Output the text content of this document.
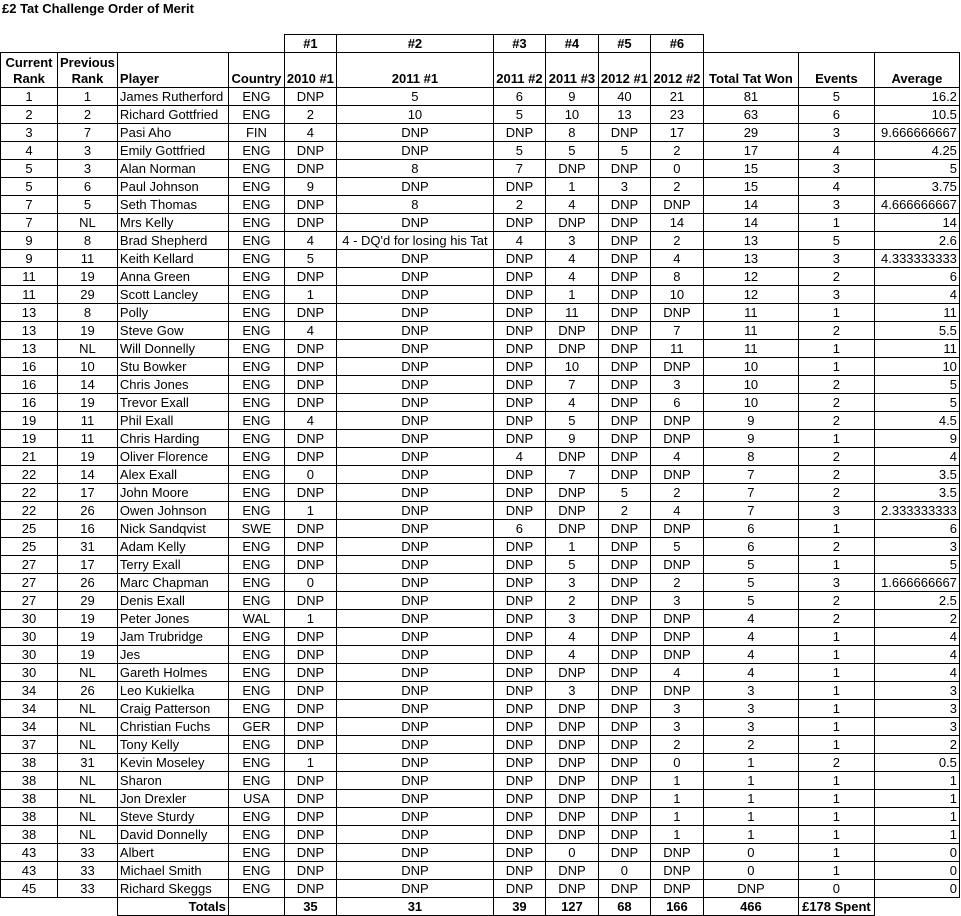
£2 Tat Challenge Order of Merit
				#1	#2	#3	#4	#5	#6			
Current Rank	Previous Rank	Player	Country	2010 #1	2011 #1	2011 #2	2011 #3	2012 #1	2012 #2	Total Tat Won	Events	Average
1	1	James Rutherford	ENG	DNP	5	6	9	40	21	81	5	16.2
2	2	Richard Gottfried	ENG	2	10	5	10	13	23	63	6	10.5
3	7	Pasi Aho	FIN	4	DNP	DNP	8	DNP	17	29	3	9.666666667
4	3	Emily Gottfried	ENG	DNP	DNP	5	5	5	2	17	4	4.25
5	3	Alan Norman	ENG	DNP	8	7	DNP	DNP	0	15	3	5
5	6	Paul Johnson	ENG	9	DNP	DNP	1	3	2	15	4	3.75
7	5	Seth Thomas	ENG	DNP	8	2	4	DNP	DNP	14	3	4.666666667
7	NL	Mrs Kelly	ENG	DNP	DNP	DNP	DNP	DNP	14	14	1	14
9	8	Brad Shepherd	ENG	4	4 - DQ'd for losing his Tat	4	3	DNP	2	13	5	2.6
9	11	Keith Kellard	ENG	5	DNP	DNP	4	DNP	4	13	3	4.333333333
11	19	Anna Green	ENG	DNP	DNP	DNP	4	DNP	8	12	2	6
11	29	Scott Lancley	ENG	1	DNP	DNP	1	DNP	10	12	3	4
13	8	Polly	ENG	DNP	DNP	DNP	11	DNP	DNP	11	1	11
13	19	Steve Gow	ENG	4	DNP	DNP	DNP	DNP	7	11	2	5.5
13	NL	Will Donnelly	ENG	DNP	DNP	DNP	DNP	DNP	11	11	1	11
16	10	Stu Bowker	ENG	DNP	DNP	DNP	10	DNP	DNP	10	1	10
16	14	Chris Jones	ENG	DNP	DNP	DNP	7	DNP	3	10	2	5
16	19	Trevor Exall	ENG	DNP	DNP	DNP	4	DNP	6	10	2	5
19	11	Phil Exall	ENG	4	DNP	DNP	5	DNP	DNP	9	2	4.5
19	11	Chris Harding	ENG	DNP	DNP	DNP	9	DNP	DNP	9	1	9
21	19	Oliver Florence	ENG	DNP	DNP	4	DNP	DNP	4	8	2	4
22	14	Alex Exall	ENG	0	DNP	DNP	7	DNP	DNP	7	2	3.5
22	17	John Moore	ENG	DNP	DNP	DNP	DNP	5	2	7	2	3.5
22	26	Owen Johnson	ENG	1	DNP	DNP	DNP	2	4	7	3	2.333333333
25	16	Nick Sandqvist	SWE	DNP	DNP	6	DNP	DNP	DNP	6	1	6
25	31	Adam Kelly	ENG	DNP	DNP	DNP	1	DNP	5	6	2	3
27	17	Terry Exall	ENG	DNP	DNP	DNP	5	DNP	DNP	5	1	5
27	26	Marc Chapman	ENG	0	DNP	DNP	3	DNP	2	5	3	1.666666667
27	29	Denis Exall	ENG	DNP	DNP	DNP	2	DNP	3	5	2	2.5
30	19	Peter Jones	WAL	1	DNP	DNP	3	DNP	DNP	4	2	2
30	19	Jam Trubridge	ENG	DNP	DNP	DNP	4	DNP	DNP	4	1	4
30	19	Jes	ENG	DNP	DNP	DNP	4	DNP	DNP	4	1	4
30	NL	Gareth Holmes	ENG	DNP	DNP	DNP	DNP	DNP	4	4	1	4
34	26	Leo Kukielka	ENG	DNP	DNP	DNP	3	DNP	DNP	3	1	3
34	NL	Craig Patterson	ENG	DNP	DNP	DNP	DNP	DNP	3	3	1	3
34	NL	Christian Fuchs	GER	DNP	DNP	DNP	DNP	DNP	3	3	1	3
37	NL	Tony Kelly	ENG	DNP	DNP	DNP	DNP	DNP	2	2	1	2
38	31	Kevin Moseley	ENG	1	DNP	DNP	DNP	DNP	0	1	2	0.5
38	NL	Sharon	ENG	DNP	DNP	DNP	DNP	DNP	1	1	1	1
38	NL	Jon Drexler	USA	DNP	DNP	DNP	DNP	DNP	1	1	1	1
38	NL	Steve Sturdy	ENG	DNP	DNP	DNP	DNP	DNP	1	1	1	1
38	NL	David Donnelly	ENG	DNP	DNP	DNP	DNP	DNP	1	1	1	1
43	33	Albert	ENG	DNP	DNP	DNP	0	DNP	DNP	0	1	0
43	33	Michael Smith	ENG	DNP	DNP	DNP	DNP	0	DNP	0	1	0
45	33	Richard Skeggs	ENG	DNP	DNP	DNP	DNP	DNP	DNP	DNP	0	0
		Totals		35	31	39	127	68	166	466	£178 Spent	
